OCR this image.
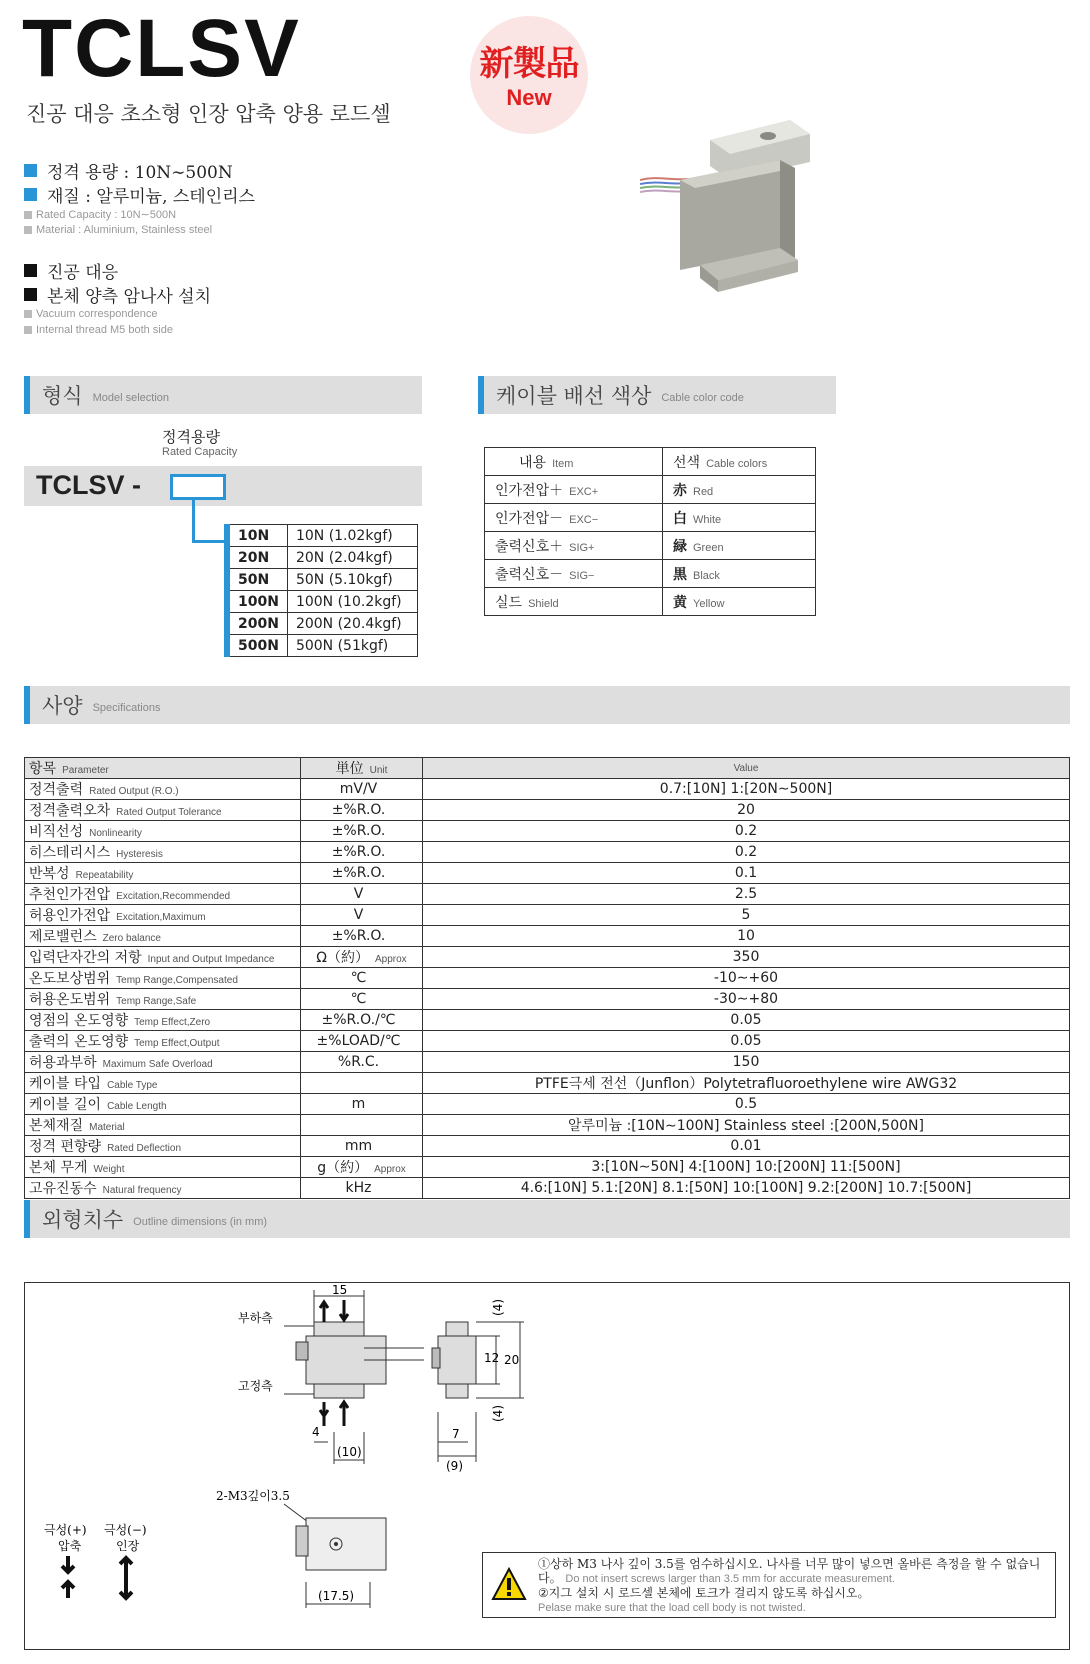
TCLSV
진공 대응 초소형 인장 압축 양용 로드셀
新製品
New
정격 용량 : 10N∼500N
재질 : 알루미늄, 스테인리스
Rated Capacity : 10N∼500N
Material : Aluminium, Stainless steel
진공 대응
본체 양측 암나사 설치
Vacuum correspondence
Internal thread M5 both side
형식 Model selection
정격용량
Rated Capacity
TCLSV -
10N	10N (1.02kgf)
20N	20N (2.04kgf)
50N	50N (5.10kgf)
100N	100N (10.2kgf)
200N	200N (20.4kgf)
500N	500N (51kgf)
케이블 배선 색상 Cable color code
내용 Item	선색 Cable colors
인가전압＋ EXC+	赤 Red
인가전압－ EXC−	白 White
출력신호＋ SIG+	緑 Green
출력신호－ SIG−	黒 Black
실드 Shield	黄 Yellow
사양 Specifications
항목 Parameter	単位 Unit	Value
정격출력 Rated Output (R.O.)	mV/V	0.7:[10N] 1:[20N∼500N]
정격출력오차 Rated Output Tolerance	±%R.O.	20
비직선성 Nonlinearity	±%R.O.	0.2
히스테리시스 Hysteresis	±%R.O.	0.2
반복성 Repeatability	±%R.O.	0.1
추천인가전압 Excitation,Recommended	V	2.5
허용인가전압 Excitation,Maximum	V	5
제로밸런스 Zero balance	±%R.O.	10
입력단자간의 저항 Input and Output Impedance	Ω（約） Approx	350
온도보상범위 Temp Range,Compensated	℃	-10∼+60
허용온도범위 Temp Range,Safe	℃	-30∼+80
영점의 온도영향 Temp Effect,Zero	±%R.O./℃	0.05
출력의 온도영향 Temp Effect,Output	±%LOAD/℃	0.05
허용과부하 Maximum Safe Overload	%R.C.	150
케이블 타입 Cable Type		PTFE극세 전선（Junflon）Polytetrafluoroethylene wire AWG32
케이블 길이 Cable Length	m	0.5
본체재질 Material		알루미늄 :[10N∼100N] Stainless steel :[200N,500N]
정격 편향량 Rated Deflection	mm	0.01
본체 무게 Weight	g（約） Approx	3:[10N∼50N] 4:[100N] 10:[200N] 11:[500N]
고유진동수 Natural frequency	kHz	4.6:[10N] 5.1:[20N] 8.1:[50N] 10:[100N] 9.2:[200N] 10.7:[500N]
외형치수 Outline dimensions (in mm)
15
부하측
고정측
4
(10)
(4)
12 20
(4)
7
(9)
2-M3깊이3.5
(17.5)
극성(+) 극성(−)
압축	인장
①상하 M3 나사 깊이 3.5를 엄수하십시오. 나사를 너무 많이 넣으면 올바른 측정을 할 수 없습니다。 Do not insert screws larger than 3.5 mm for accurate measurement.
②지그 설치 시 로드셀 본체에 토크가 걸리지 않도록 하십시오。
Pelase make sure that the load cell body is not twisted.
